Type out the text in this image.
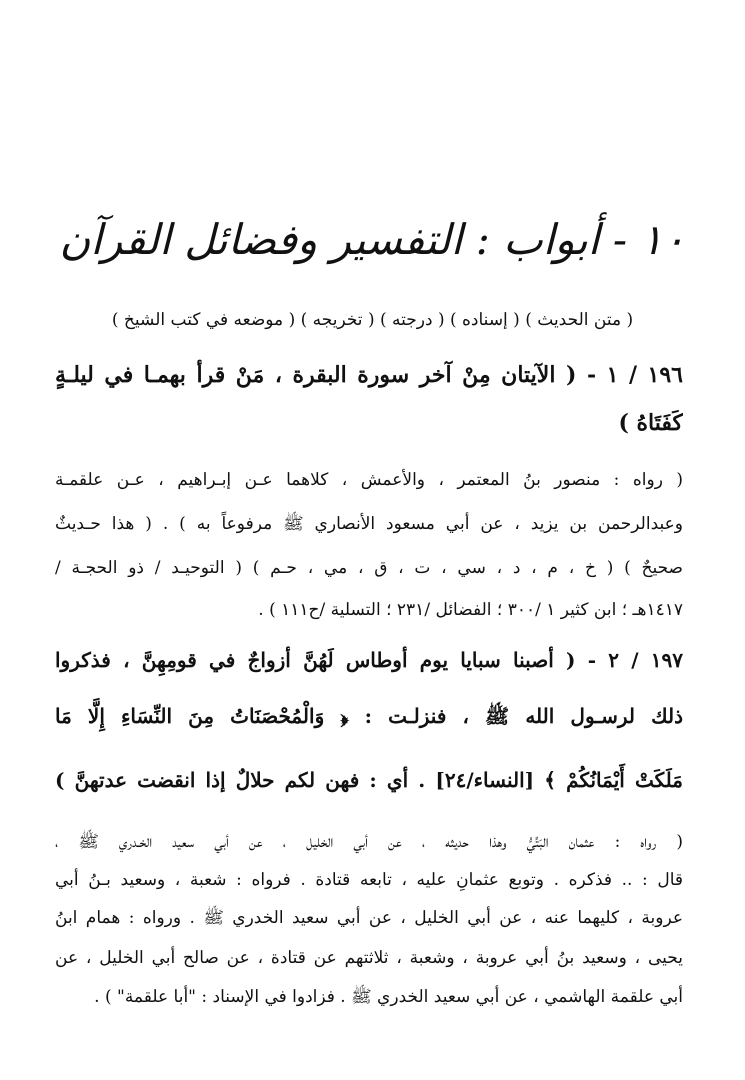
١٠ - أبواب : التفسير وفضائل القرآن
( متن الحديث ) ( إسناده ) ( درجته ) ( تخريجه ) ( موضعه في كتب الشيخ )
١٩٦ / ١ - ( الآيتان مِنْ آخر سورة البقرة ، مَنْ قرأ بهمـا في ليلـةٍ
كَفَتَاهُ )
( رواه : منصور بنُ المعتمر ، والأعمش ، كلاهما عـن إبـراهيم ، عـن علقمـة
وعبدالرحمن بن يزيد ، عن أبي مسعود الأنصاري ﷺ مرفوعاً به ) . ( هذا حـديثٌ
صحيحٌ ) ( خ ، م ، د ، سي ، ت ، ق ، مي ، حـم ) ( التوحيـد / ذو الحجـة /
١٤١٧هـ ؛ ابن كثير ١ /٣٠٠ ؛ الفضائل /٢٣١ ؛ التسلية /ح١١١ ) .
١٩٧ / ٢ - ( أصبنا سبايا يوم أوطاس لَهُنَّ أزواجٌ في قومِهِنَّ ، فذكروا
ذلك لرسـول الله ﷺ ، فنزلـت : ﴿ وَالْمُحْصَنَاتُ مِنَ النِّسَاءِ إِلَّا مَا
مَلَكَتْ أَيْمَانُكُمْ ﴾ [النساء/٢٤] . أي : فهن لكم حلالٌ إذا انقضت عدتهنَّ )
( رواه : عثمان البَتِّيُّ وهذا حديثه ، عن أبي الخليل ، عن أبي سعيد الخـدري ﷺ ،
قال : .. فذكره . وتوبع عثمانِ عليه ، تابعه قتادة . فرواه : شعبة ، وسعيد بـنُ أبي
عروبة ، كليهما عنه ، عن أبي الخليل ، عن أبي سعيد الخدري ﷺ . ورواه : همام ابنُ
يحيى ، وسعيد بنُ أبي عروبة ، وشعبة ، ثلاثتهم عن قتادة ، عن صالح أبي الخليل ، عن
أبي علقمة الهاشمي ، عن أبي سعيد الخدري ﷺ . فزادوا في الإسناد : "أبا علقمة" ) .
